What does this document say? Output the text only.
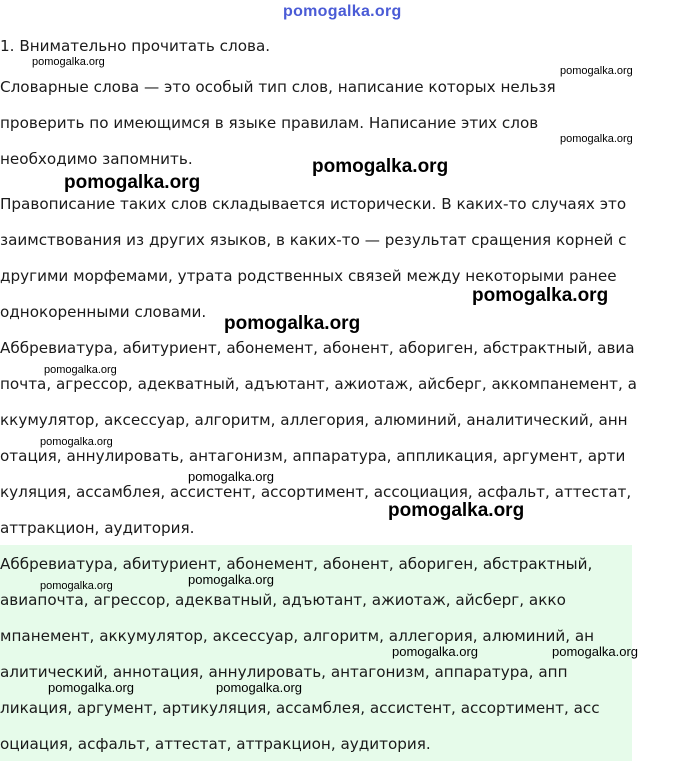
pomogalka.org
1. Внимательно прочитать слова.
Словарные слова — это особый тип слов, написание которых нельзя
проверить по имеющимся в языке правилам. Написание этих слов
необходимо запомнить.
Правописание таких слов складывается исторически. В каких-то случаях это
заимствования из других языков, в каких-то — результат сращения корней с
другими морфемами, утрата родственных связей между некоторыми ранее
однокоренными словами.
Аббревиатура, абитуриент, абонемент, абонент, абориген, абстрактный, авиа
почта, агрессор, адекватный, адъютант, ажиотаж, айсберг, аккомпанемент, а
ккумулятор, аксессуар, алгоритм, аллегория, алюминий, аналитический, анн
отация, аннулировать, антагонизм, аппаратура, аппликация, аргумент, арти
куляция, ассамблея, ассистент, ассортимент, ассоциация, асфальт, аттестат,
аттракцион, аудитория.
Аббревиатура, абитуриент, абонемент, абонент, абориген, абстрактный,
авиапочта, агрессор, адекватный, адъютант, ажиотаж, айсберг, акко
мпанемент, аккумулятор, аксессуар, алгоритм, аллегория, алюминий, ан
алитический, аннотация, аннулировать, антагонизм, аппаратура, апп
ликация, аргумент, артикуляция, ассамблея, ассистент, ассортимент, асс
оциация, асфальт, аттестат, аттракцион, аудитория.
pomogalka.org
pomogalka.org
pomogalka.org
pomogalka.org
pomogalka.org
pomogalka.org
pomogalka.org
pomogalka.org
pomogalka.org
pomogalka.org
pomogalka.org
pomogalka.org	pomogalka.org
pomogalka.org	pomogalka.org
pomogalka.org	pomogalka.org
